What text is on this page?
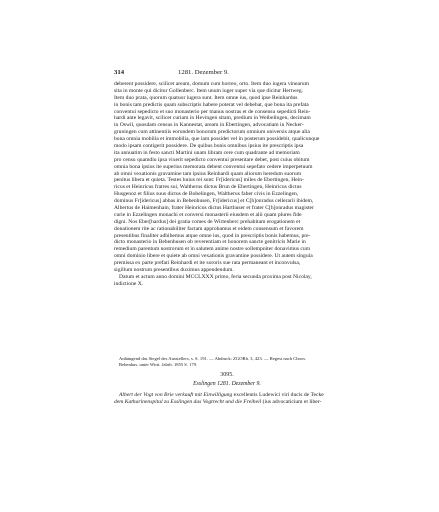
314	1281. Dezember 9.
deberent possidere, scilicet aream, domum cum horreo, orto. Item duo iugera vinearum
sita in monte qui dicitur Gollenberc. Item unum iuger super via que dicitur Hertweg.
Item duo prata, quorum quatuor iugera sunt. Item omne ius, quod ipse Reinhardus
in bonis tam predictis quam subscriptis habere poterat vel debebat, que bona ita prefata
conventui sepedicto et suo monasterio per manus nostras et de consensu sepedicti Rein-
hardi ante legavit, scilicet curiam in Hevingen sitam, predium in Weibelingen, decimam
in Oswil, quosdam census in Kannestat, aream in Ebertingen, advocatiam in Necker-
gruningen cum attinentiis eorundem bonorum predictorum omnium universis atque alia
bona omnia mobilia et immobilia, que iam possidet vel in posterum possidebit, qualicunque
modo ipsam contigerit possidere. De quibus bonis omnibus ipsius ite prescriptis ipsa
ita annuatim in festo sancti Martini unam libram cere cum quadrante ad memoriam
pro censu quamdiu ipsa vixerit sepedicto conventui presentare debet, post cuius obitum
omnia bona ipsius ite superius memorata debent conventui sepefato cedere imperpetuum
ab omni vexationis gravamine tam ipsius Reinhardi quam aliorum heredum suorum
penitus libera et quieta. Testes huius rei sunt: Fr[idericus] miles de Ebertingen, Hein-
ricus et Heinricus fratres sui, Waltherus dictus Brun de Ebertingen, Heinricus dictus
Husgenoz et filius suus dictus de Bobelingen, Waltherus faber civis in Ezzelingen,
dominus Fr[idericus] abbas in Bebenhusen, Fr[idericus] et C[h]onradus cellerarii ibidem,
Albertus de Haimenhain, frater Heinricus dictus Harthuser et frater C[h]onradus magister
curie in Ezzelingen monachi et conversi monasterii eiusdem et alii quam plures fide
digni. Nos Eber[hardus] dei gratia comes de Wirtenberc prehabitam erogationem et
donationem rite ac rationabiliter factam approbamus et eidem consensum et favorem
presentibus finaliter adhibemus atque omne ius, quod in prescriptis bonis habemus, pre-
dicto monasterio in Bebenhusen ob reverentiam et honorem sancte genitricis Marie in
remedium parentum nostrorum et in salutem anime nostre sollempniter donavimus cum
omni dominio libere et quiete ab omni vexationis gravamine possidere. Ut autem singula
premissa ex parte prefati Reinhardi et ite sororis sue rata permaneant et inconvulsa,
sigillum nostrum presentibus duximus appendendum.
Datum et actum anno domini MCCLXXX primo, feria secunda proxima post Nicolay,
indictione X.
Anhängend das Siegel des Ausstellers, s. S. 191. — Abdruck: ZGORh. 3, 423. — Regest nach Chron.
Bebenhus. unter Wirtt. Jahrb. 1855 S. 179.
3095.
Esslingen 1281. Dezember 9.
Albert der Vogt von Brie verkauft mit Einwilligung excellentis Ludewici viri ducis de Tecke
dem Katharinenspital zu Esslingen das Vogtrecht und die Freiheil (ius advocaticium et liber-
